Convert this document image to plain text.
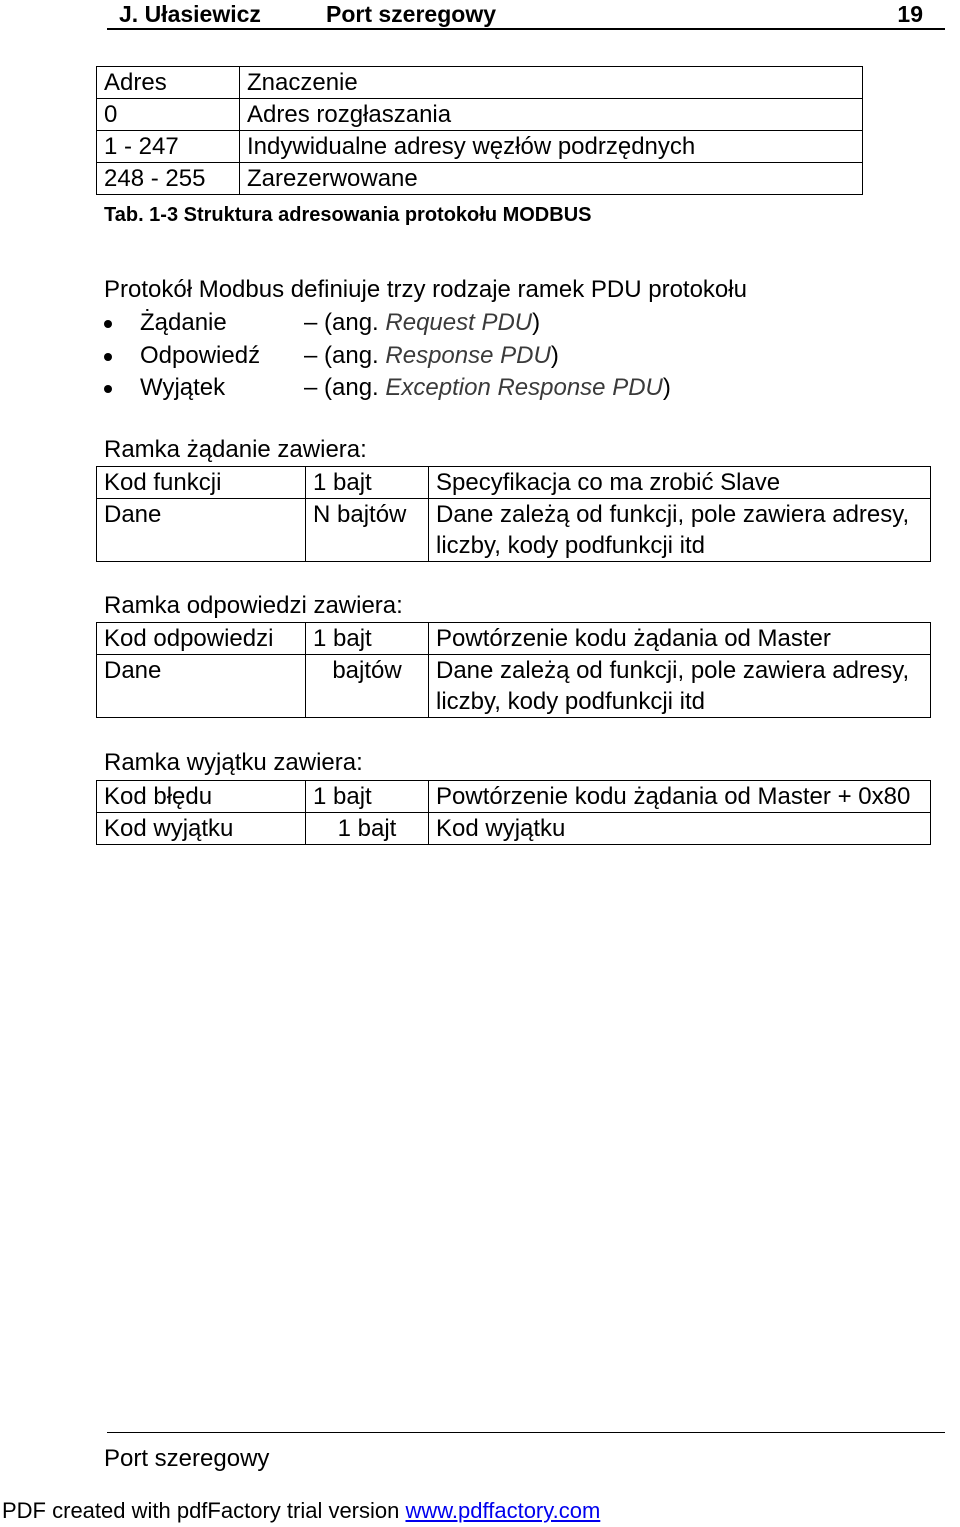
J. Ułasiewicz	Port szeregowy	19
Adres	Znaczenie
0	Adres rozgłaszania
1 - 247	Indywidualne adresy węzłów podrzędnych
248 - 255	Zarezerwowane
Tab. 1-3 Struktura adresowania protokołu MODBUS
Protokół Modbus definiuje trzy rodzaje ramek PDU protokołu
Żądanie	– (ang. Request PDU)
Odpowiedź – (ang. Response PDU)
Wyjątek	– (ang. Exception Response PDU)
Ramka żądanie zawiera:
Kod funkcji	1 bajt	Specyfikacja co ma zrobić Slave
Dane	N bajtów	Dane zależą od funkcji, pole zawiera adresy, liczby, kody podfunkcji itd
Ramka odpowiedzi zawiera:
Kod odpowiedzi	1 bajt	Powtórzenie kodu żądania od Master
Dane	bajtów	Dane zależą od funkcji, pole zawiera adresy, liczby, kody podfunkcji itd
Ramka wyjątku zawiera:
Kod błędu	1 bajt	Powtórzenie kodu żądania od Master + 0x80
Kod wyjątku	1 bajt	Kod wyjątku
Port szeregowy
PDF created with pdfFactory trial version www.pdffactory.com
